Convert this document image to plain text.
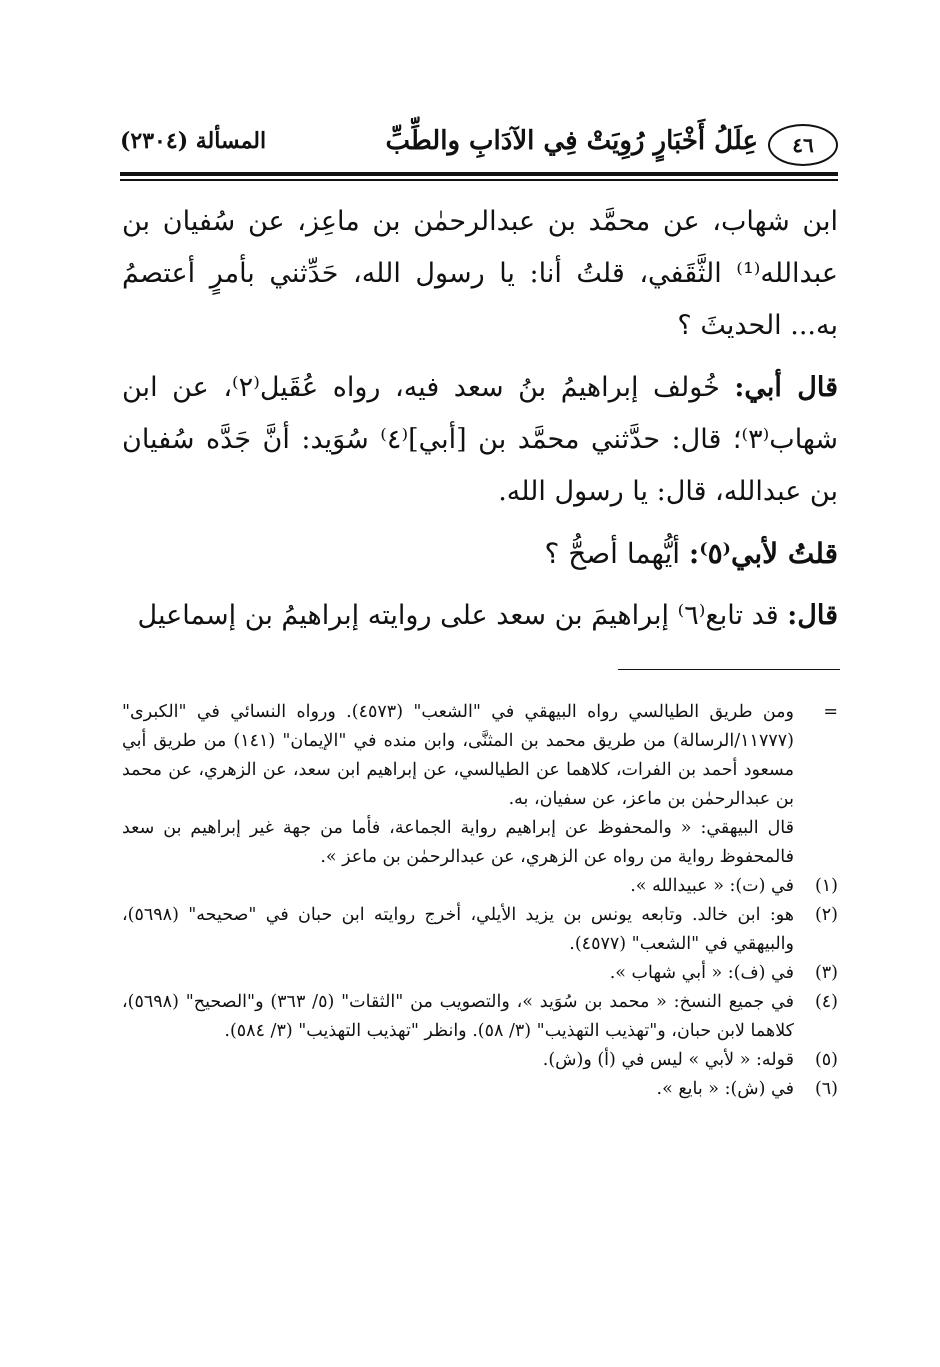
٤٦
عِلَلُ أَخْبَارٍ رُوِيَتْ فِي الآدَابِ والطِّبِّ
المسألة (٢٣٠٤)

ابن شهاب، عن محمَّد بن عبدالرحمٰن بن ماعِز، عن سُفيان بن عبدالله⁽¹⁾ الثَّقَفي، قلتُ أنا: يا رسول الله، حَدِّثني بأمرٍ أعتصمُ به... الحديثَ ؟

قال أبي: خُولف إبراهيمُ بنُ سعد فيه، رواه عُقَيل⁽٢⁾، عن ابن شهاب⁽٣⁾؛ قال: حدَّثني محمَّد بن [أبي]⁽٤⁾ سُوَيد: أنَّ جَدَّه سُفيان بن عبدالله، قال: يا رسول الله.

قلتُ لأبي⁽٥⁾: أيُّهما أصحُّ ؟

قال: قد تابع⁽٦⁾ إبراهيمَ بن سعد على روايته إبراهيمُ بن إسماعيل

=
ومن طريق الطيالسي رواه البيهقي في "الشعب" (٤٥٧٣). ورواه النسائي في "الكبرى" (١١٧٧٧/الرسالة) من طريق محمد بن المثنَّى، وابن منده في "الإيمان" (١٤١) من طريق أبي مسعود أحمد بن الفرات، كلاهما عن الطيالسي، عن إبراهيم ابن سعد، عن الزهري، عن محمد بن عبدالرحمٰن بن ماعز، عن سفيان، به.
قال البيهقي: « والمحفوظ عن إبراهيم رواية الجماعة، فأما من جهة غير إبراهيم بن سعد فالمحفوظ رواية من رواه عن الزهري، عن عبدالرحمٰن بن ماعز ».
(١)
في (ت): « عبيدالله ».
(٢)
هو: ابن خالد. وتابعه يونس بن يزيد الأيلي، أخرج روايته ابن حبان في "صحيحه" (٥٦٩٨)، والبيهقي في "الشعب" (٤٥٧٧).
(٣)
في (ف): « أبي شهاب ».
(٤)
في جميع النسخ: « محمد بن سُوَيد »، والتصويب من "الثقات" (٥/ ٣٦٣) و"الصحيح" (٥٦٩٨)، كلاهما لابن حبان، و"تهذيب التهذيب" (٣/ ٥٨). وانظر "تهذيب التهذيب" (٣/ ٥٨٤).
(٥)
قوله: « لأبي » ليس في (أ) و(ش).
(٦)
في (ش): « بايع ».
